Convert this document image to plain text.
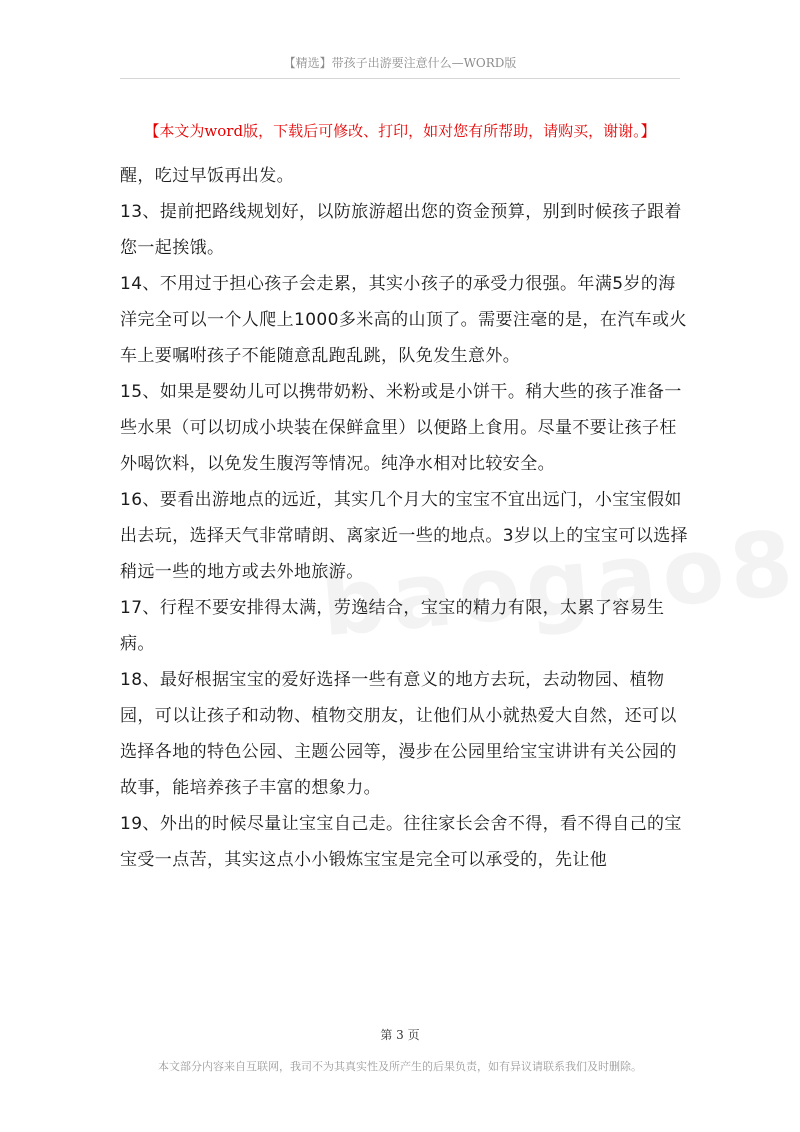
【精选】带孩子出游要注意什么—WORD版
【本文为word版，下载后可修改、打印，如对您有所帮助，请购买，谢谢。】

醒，吃过早饭再出发。

13、提前把路线规划好，以防旅游超出您的资金预算，别到时候孩子跟着您一起挨饿。

14、不用过于担心孩子会走累，其实小孩子的承受力很强。年满5岁的海洋完全可以一个人爬上1000多米高的山顶了。需要注毫的是，在汽车或火车上要嘱咐孩子不能随意乱跑乱跳，队免发生意外。

15、如果是婴幼儿可以携带奶粉、米粉或是小饼干。稍大些的孩子准备一些水果（可以切成小块装在保鲜盒里）以便路上食用。尽量不要让孩子枉外喝饮料，以免发生腹泻等情况。纯净水相对比较安全。

16、要看出游地点的远近，其实几个月大的宝宝不宜出远门，小宝宝假如出去玩，选择天气非常晴朗、离家近一些的地点。3岁以上的宝宝可以选择稍远一些的地方或去外地旅游。

17、行程不要安排得太满，劳逸结合，宝宝的精力有限，太累了容易生病。

18、最好根据宝宝的爱好选择一些有意义的地方去玩，去动物园、植物园，可以让孩子和动物、植物交朋友，让他们从小就热爱大自然，还可以选择各地的特色公园、主题公园等，漫步在公园里给宝宝讲讲有关公园的故事，能培养孩子丰富的想象力。

19、外出的时候尽量让宝宝自己走。往往家长会舍不得，看不得自己的宝宝受一点苦，其实这点小小锻炼宝宝是完全可以承受的，先让他

第 3 页
本文部分内容来自互联网，我司不为其真实性及所产生的后果负责，如有异议请联系我们及时删除。
